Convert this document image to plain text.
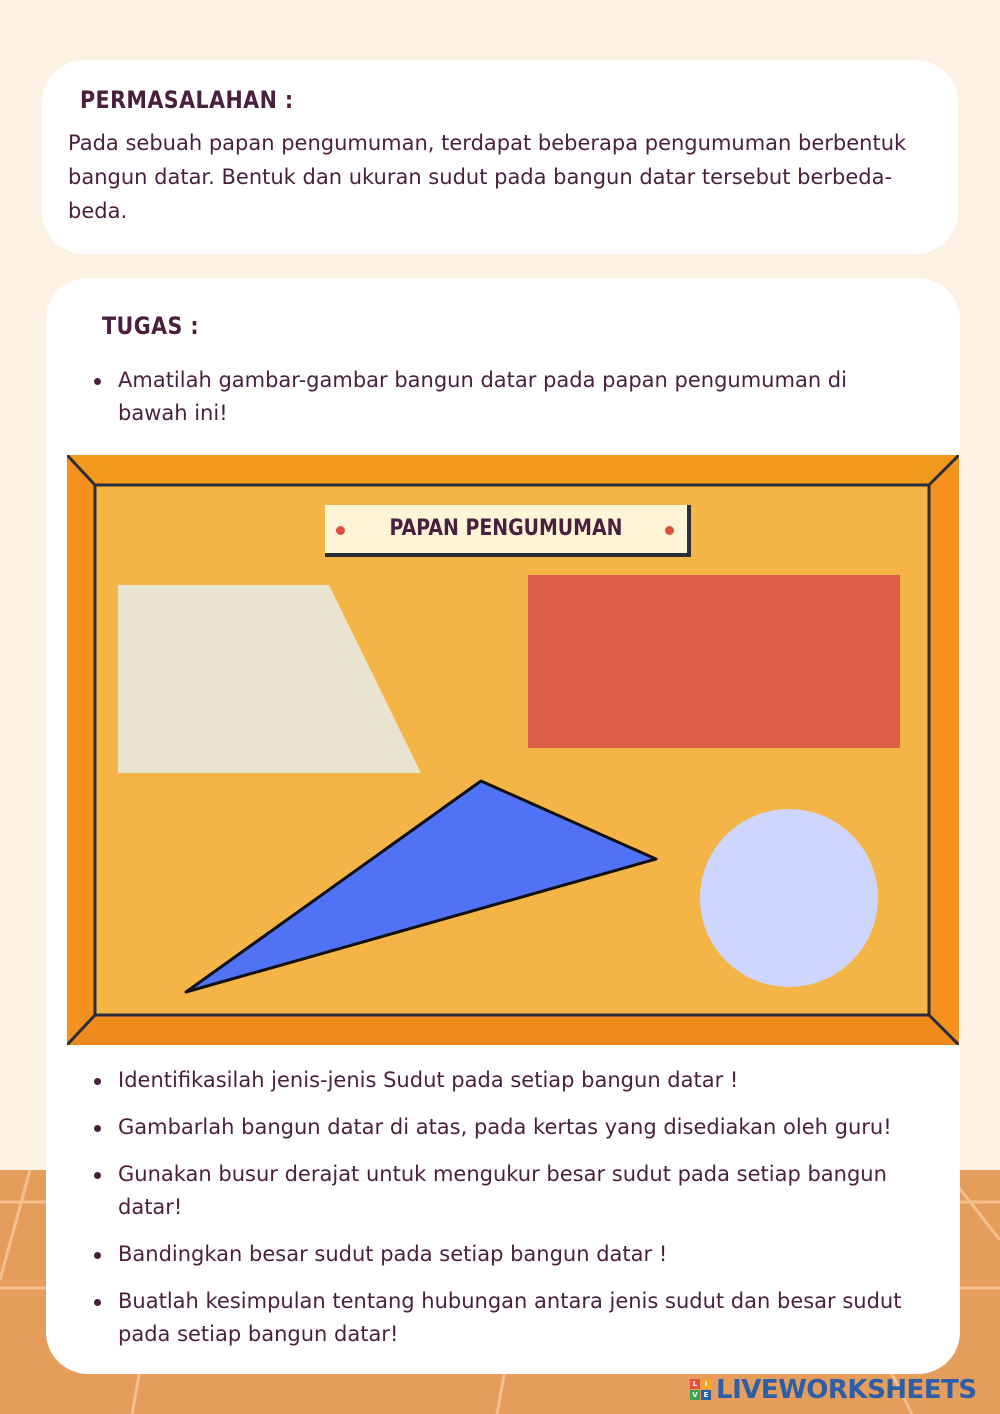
PERMASALAHAN :
Pada sebuah papan pengumuman, terdapat beberapa pengumuman berbentuk bangun datar. Bentuk dan ukuran sudut pada bangun datar tersebut berbeda-beda.
TUGAS :
Amatilah gambar-gambar bangun datar pada papan pengumuman di bawah ini!
Identifikasilah jenis-jenis Sudut pada setiap bangun datar !
Gambarlah bangun datar di atas, pada kertas yang disediakan oleh guru!
Gunakan busur derajat untuk mengukur besar sudut pada setiap bangun datar!
Bandingkan besar sudut pada setiap bangun datar !
Buatlah kesimpulan tentang hubungan antara jenis sudut dan besar sudut pada setiap bangun datar!
PAPAN PENGUMUMAN
L	I
V E LIVEWORKSHEETS
